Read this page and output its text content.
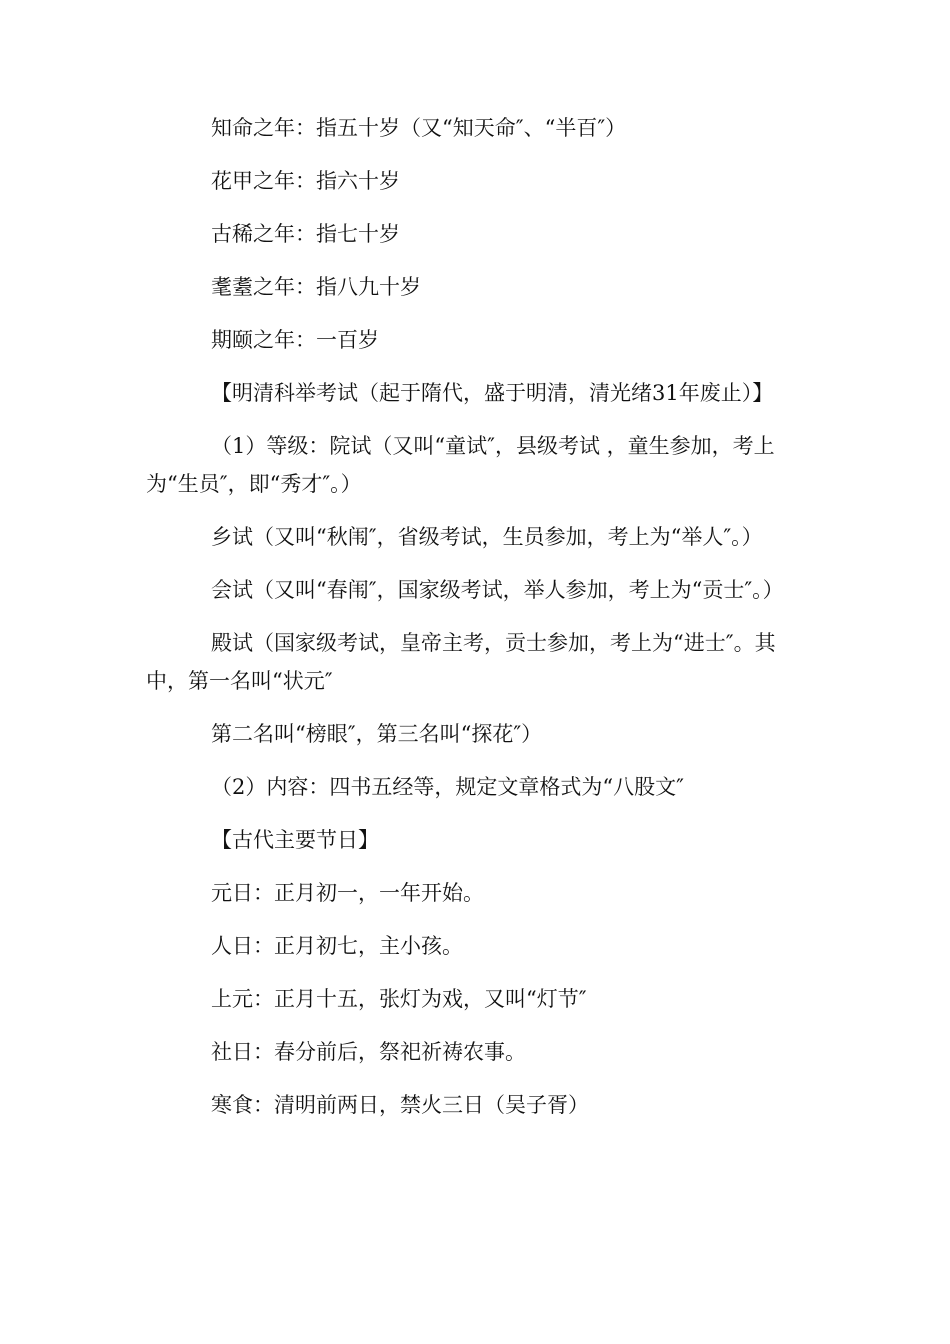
知命之年：指五十岁（又“知天命″、“半百″）

花甲之年：指六十岁

古稀之年：指七十岁

耄耋之年：指八九十岁

期颐之年：一百岁

【明清科举考试（起于隋代，盛于明清，清光绪31年废止）】

（1）等级：院试（又叫“童试″，县级考试 ，童生参加，考上为“生员″，即“秀才″。）

乡试（又叫“秋闱″，省级考试，生员参加，考上为“举人″。）

会试（又叫“春闱″，国家级考试，举人参加，考上为“贡士″。）

殿试（国家级考试，皇帝主考，贡士参加，考上为“进士″。其中，第一名叫“状元″

第二名叫“榜眼″，第三名叫“探花″）

（2）内容：四书五经等，规定文章格式为“八股文″

【古代主要节日】

元日：正月初一，一年开始。

人日：正月初七，主小孩。

上元：正月十五，张灯为戏，又叫“灯节″

社日：春分前后，祭祀祈祷农事。

寒食：清明前两日，禁火三日（吴子胥）
